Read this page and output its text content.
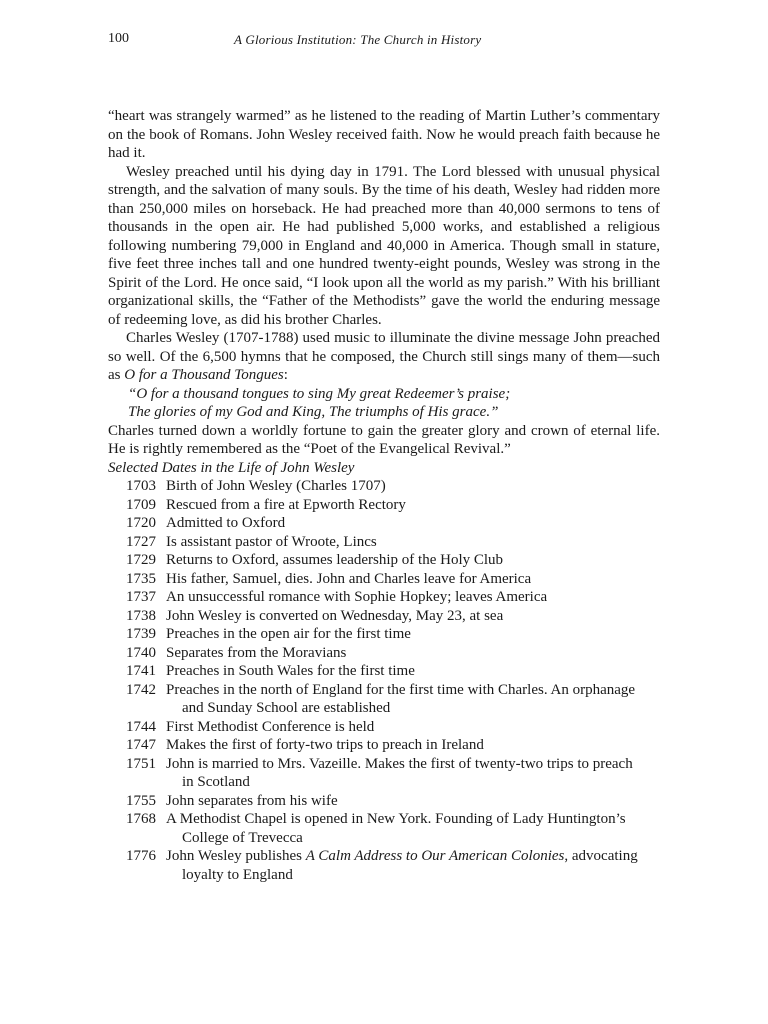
100	A Glorious Institution: The Church in History

“heart was strangely warmed” as he listened to the reading of Martin Luther’s commentary on the book of Romans. John Wesley received faith. Now he would preach faith because he had it.

Wesley preached until his dying day in 1791. The Lord blessed with unusual physical strength, and the salvation of many souls. By the time of his death, Wesley had ridden more than 250,000 miles on horseback. He had preached more than 40,000 sermons to tens of thousands in the open air. He had published 5,000 works, and established a religious following numbering 79,000 in England and 40,000 in America. Though small in stature, five feet three inches tall and one hundred twenty-eight pounds, Wesley was strong in the Spirit of the Lord. He once said, “I look upon all the world as my parish.” With his brilliant organizational skills, the “Father of the Methodists” gave the world the enduring message of redeeming love, as did his brother Charles.

Charles Wesley (1707-1788) used music to illuminate the divine message John preached so well. Of the 6,500 hymns that he composed, the Church still sings many of them—such as O for a Thousand Tongues:

“O for a thousand tongues to sing My great Redeemer’s praise;

The glories of my God and King, The triumphs of His grace.”

Charles turned down a worldly fortune to gain the greater glory and crown of eternal life. He is rightly remembered as the “Poet of the Evangelical Revival.”

Selected Dates in the Life of John Wesley

1703 Birth of John Wesley (Charles 1707)
1709 Rescued from a fire at Epworth Rectory
1720 Admitted to Oxford
1727 Is assistant pastor of Wroote, Lincs
1729 Returns to Oxford, assumes leadership of the Holy Club
1735 His father, Samuel, dies. John and Charles leave for America
1737 An unsuccessful romance with Sophie Hopkey; leaves America
1738 John Wesley is converted on Wednesday, May 23, at sea
1739 Preaches in the open air for the first time
1740 Separates from the Moravians
1741 Preaches in South Wales for the first time
1742 Preaches in the north of England for the first time with Charles. An orphanage
and Sunday School are established
1744 First Methodist Conference is held
1747 Makes the first of forty-two trips to preach in Ireland
1751 John is married to Mrs. Vazeille. Makes the first of twenty-two trips to preach
in Scotland
1755 John separates from his wife
1768 A Methodist Chapel is opened in New York. Founding of Lady Huntington’s
College of Trevecca
1776 John Wesley publishes A Calm Address to Our American Colonies, advocating
loyalty to England
